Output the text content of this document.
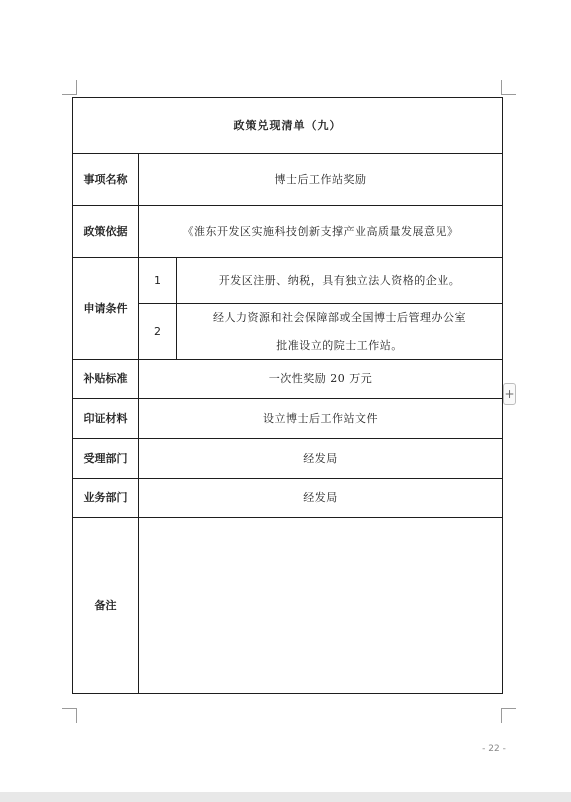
政策兑现清单（九）		
事项名称	博士后工作站奖励	
政策依据	《淮东开发区实施科技创新支撑产业高质量发展意见》	
申请条件	1	开发区注册、纳税，具有独立法人资格的企业。
	2	经人力资源和社会保障部或全国博士后管理办公室
批准设立的院士工作站。

补贴标准	一次性奖励 20 万元	
印证材料	设立博士后工作站文件	
受理部门	经发局	
业务部门	经发局	
备注		
+
- 22 -
